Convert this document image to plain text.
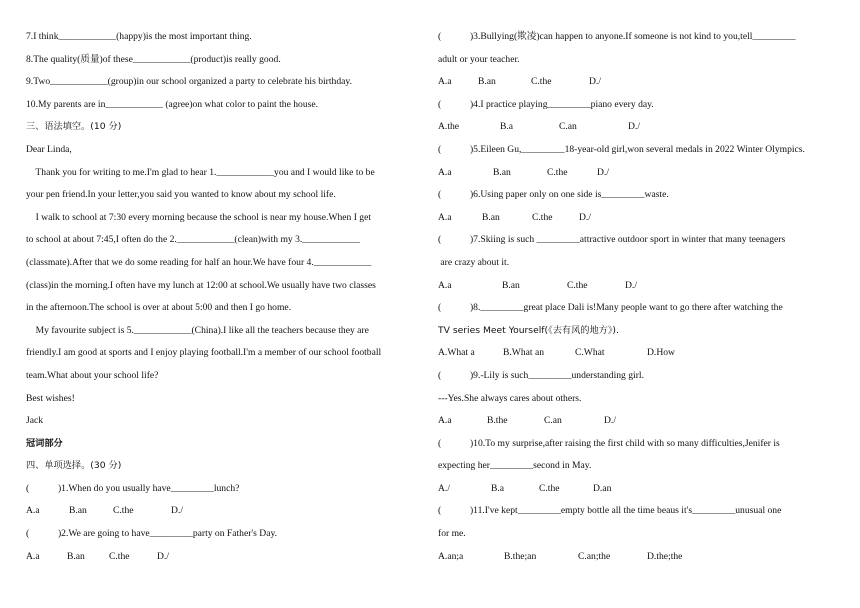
7.I think____________(happy)is the most important thing.
8.The quality(质量)of these____________(product)is really good.
9.Two____________(group)in our school organized a party to celebrate his birthday.
10.My parents are in____________ (agree)on what color to paint the house.
三、语法填空。(10 分)
Dear Linda,
Thank you for writing to me.I'm glad to hear 1.____________you and I would like to be
your pen friend.In your letter,you said you wanted to know about my school life.
I walk to school at 7:30 every morning because the school is near my house.When I get
to school at about 7:45,I often do the 2.____________(clean)with my 3.____________
(classmate).After that we do some reading for half an hour.We have four 4.____________
(class)in the morning.I often have my lunch at 12:00 at school.We usually have two classes
in the afternoon.The school is over at about 5:00 and then I go home.
My favourite subject is 5.____________(China).I like all the teachers because they are
friendly.I am good at sports and I enjoy playing football.I'm a member of our school football
team.What about your school life?
Best wishes!
Jack
冠词部分
四、单项选择。(30 分)
(            )1.When do you usually have_________lunch?
A.a	B.an	C.the	D./
(            )2.We are going to have_________party on Father's Day.
A.a	B.an	C.the	D./
(            )3.Bullying(欺凌)can happen to anyone.If someone is not kind to you,tell_________
adult or your teacher.
A.a	B.an	C.the	D./
(            )4.I practice playing_________piano every day.
A.the	B.a	C.an	D./
(            )5.Eileen Gu,_________18-year-old girl,won several medals in 2022 Winter Olympics.
A.a	B.an	C.the	D./
(            )6.Using paper only on one side is_________waste.
A.a	B.an	C.the	D./
(            )7.Skiing is such _________attractive outdoor sport in winter that many teenagers
are crazy about it.
A.a	B.an	C.the	D./
(            )8._________great place Dali is!Many people want to go there after watching the
TV series Meet Yourself(《去有风的地方》).
A.What a	B.What an	C.What	D.How
(            )9.-Lily is such_________understanding girl.
---Yes.She always cares about others.
A.a	B.the	C.an	D./
(            )10.To my surprise,after raising the first child with so many difficulties,Jenifer is
expecting her_________second in May.
A./	B.a	C.the	D.an
(            )11.I've kept_________empty bottle all the time beaus it's_________unusual one
for me.
A.an;a	B.the;an	C.an;the	D.the;the
